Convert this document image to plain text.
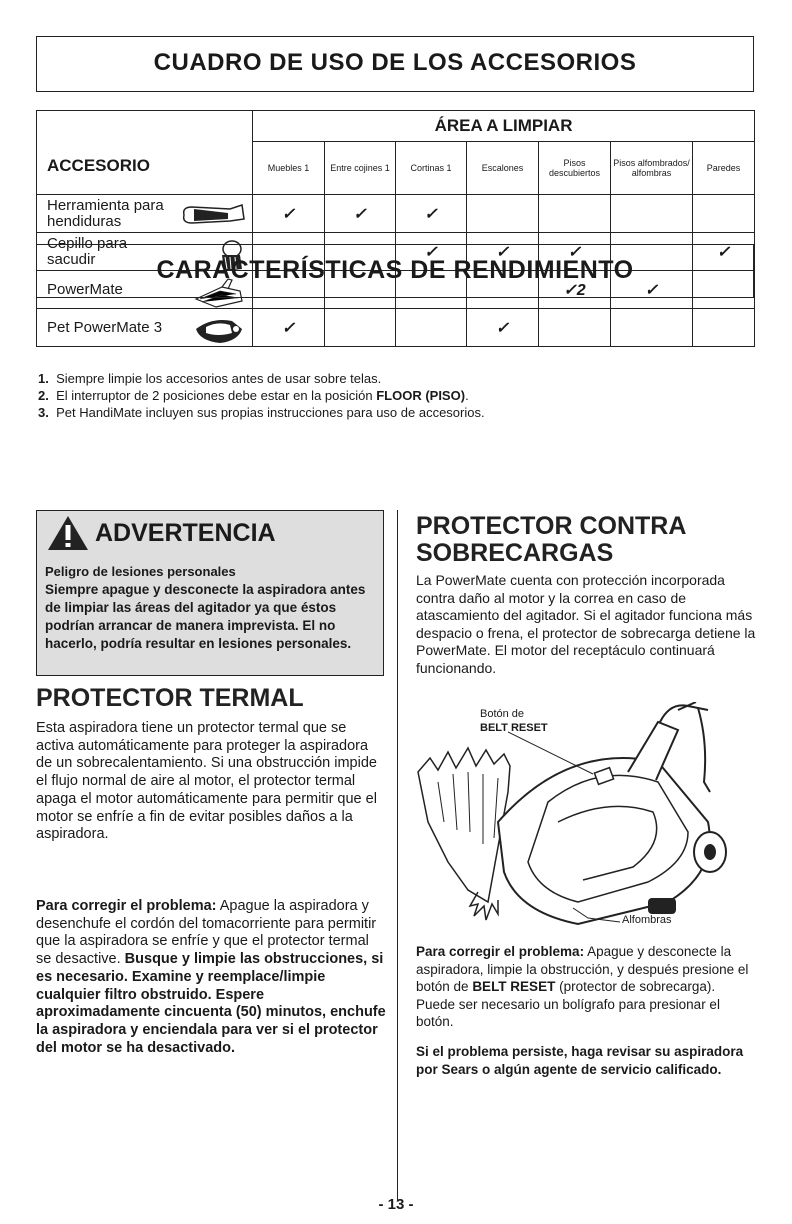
CUADRO DE USO DE LOS ACCESORIOS
ACCESORIO	ÁREA A LIMPIAR						
	Muebles 1	Entre cojines 1	Cortinas 1	Escalones	Pisos descubiertos	Pisos alfombrados/ alfombras	Paredes
Herramienta para hendiduras	✓	✓	✓				
Cepillo para sacudir			✓	✓	✓		✓
PowerMate					✓2	✓	
Pet PowerMate 3	✓			✓			
1. Siempre limpie los accesorios antes de usar sobre telas.
2. El interruptor de 2 posiciones debe estar en la posición FLOOR (PISO).
3. Pet HandiMate incluyen sus propias instrucciones para uso de accesorios.
CARACTERÍSTICAS DE RENDIMIENTO
ADVERTENCIA
Peligro de lesiones personales
Siempre apague y desconecte la aspiradora antes de limpiar las áreas del agitador ya que éstos podrían arrancar de manera imprevista. El no hacerlo, podría resultar en lesiones personales.
PROTECTOR TERMAL
Esta aspiradora tiene un protector termal que se activa automáticamente para proteger la aspiradora de un sobrecalentamiento. Si una obstrucción impide el flujo normal de aire al motor, el protector termal apaga el motor automáticamente para permitir que el motor se enfríe a fin de evitar posibles daños a la aspiradora.
Para corregir el problema: Apague la aspiradora y desenchufe el cordón del tomacorriente para permitir que la aspiradora se enfríe y que el protector termal se desactive. Busque y limpie las obstrucciones, si es necesario. Examine y reemplace/limpie cualquier filtro obstruido. Espere aproximadamente cincuenta (50) minutos, enchufe la aspiradora y enciendala para ver si el protector del motor se ha desactivado.
PROTECTOR CONTRA SOBRECARGAS
La PowerMate cuenta con protección incorporada contra daño al motor y la correa en caso de atascamiento del agitador. Si el agitador funciona más despacio o frena, el protector de sobrecarga detiene la PowerMate. El motor del receptáculo continuará funcionando.
Botón de
BELT RESET
Alfombras
Para corregir el problema: Apague y desconecte la aspiradora, limpie la obstrucción, y después presione el botón de BELT RESET (protector de sobrecarga). Puede ser necesario un bolígrafo para presionar el botón.
Si el problema persiste, haga revisar su aspiradora por Sears o algún agente de servicio calificado.
- 13 -
